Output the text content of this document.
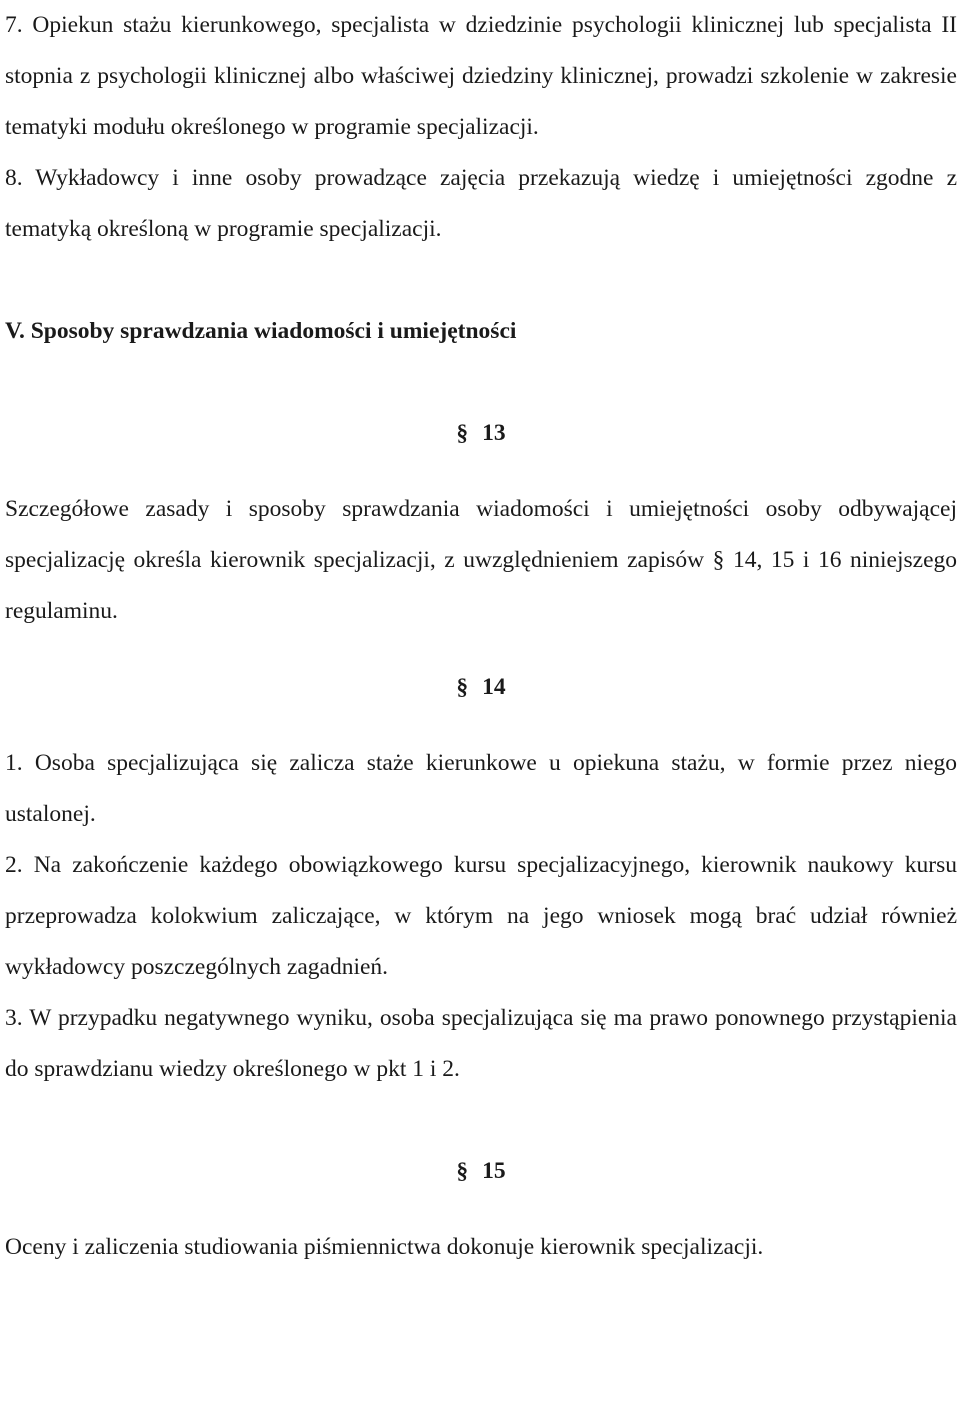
7. Opiekun stażu kierunkowego, specjalista w dziedzinie psychologii klinicznej lub specjalista II stopnia z psychologii klinicznej albo właściwej dziedziny klinicznej, prowadzi szkolenie w zakresie tematyki modułu określonego w programie specjalizacji.

8. Wykładowcy i inne osoby prowadzące zajęcia przekazują wiedzę i umiejętności zgodne z tematyką określoną w programie specjalizacji.

V. Sposoby sprawdzania wiadomości i umiejętności

§ 13

Szczegółowe zasady i sposoby sprawdzania wiadomości i umiejętności osoby odbywającej specjalizację określa kierownik specjalizacji, z uwzględnieniem zapisów § 14, 15 i 16 niniejszego regulaminu.

§ 14

1. Osoba specjalizująca się zalicza staże kierunkowe u opiekuna stażu, w formie przez niego ustalonej.

2. Na zakończenie każdego obowiązkowego kursu specjalizacyjnego, kierownik naukowy kursu przeprowadza kolokwium zaliczające, w którym na jego wniosek mogą brać udział również wykładowcy poszczególnych zagadnień.

3. W przypadku negatywnego wyniku, osoba specjalizująca się ma prawo ponownego przystąpienia do sprawdzianu wiedzy określonego w pkt 1 i 2.

§ 15

Oceny i zaliczenia studiowania piśmiennictwa dokonuje kierownik specjalizacji.
